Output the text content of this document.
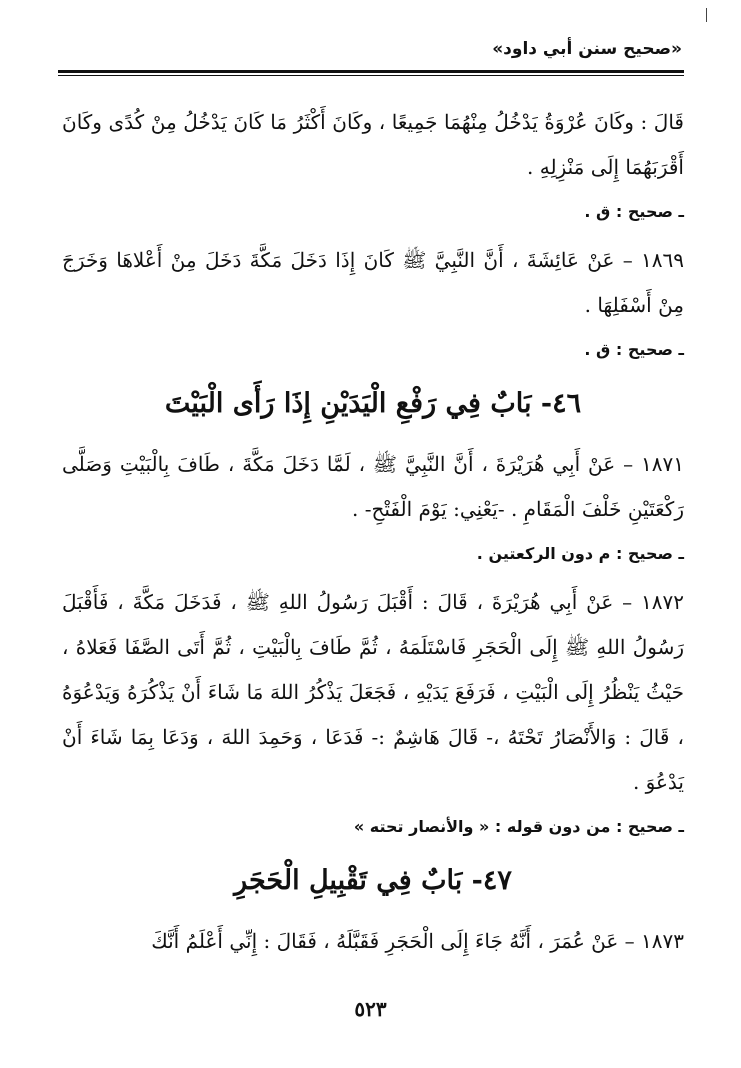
«صحيح سنن أبي داود»

قَالَ : وكَانَ عُرْوَةُ يَدْخُلُ مِنْهُمَا جَمِيعًا ، وكَانَ أَكْثَرُ مَا كَانَ يَدْخُلُ مِنْ كُدًى وكَانَ أَقْرَبَهُمَا إِلَى مَنْزِلِهِ .

ـ صحيح : ق .

١٨٦٩ – عَنْ عَائِشَةَ ، أَنَّ النَّبِيَّ ﷺ كَانَ إِذَا دَخَلَ مَكَّةَ دَخَلَ مِنْ أَعْلاهَا وَخَرَجَ مِنْ أَسْفَلِهَا .

ـ صحيح : ق .

٤٦- بَابٌ فِي رَفْعِ الْيَدَيْنِ إِذَا رَأَى الْبَيْتَ

١٨٧١ – عَنْ أَبِي هُرَيْرَةَ ، أَنَّ النَّبِيَّ ﷺ ، لَمَّا دَخَلَ مَكَّةَ ، طَافَ بِالْبَيْتِ وَصَلَّى رَكْعَتَيْنِ خَلْفَ الْمَقَامِ . -يَعْنِي: يَوْمَ الْفَتْحِ- .

ـ صحيح : م دون الركعتين .

١٨٧٢ – عَنْ أَبِي هُرَيْرَةَ ، قَالَ : أَقْبَلَ رَسُولُ اللهِ ﷺ ، فَدَخَلَ مَكَّةَ ، فَأَقْبَلَ رَسُولُ اللهِ ﷺ إِلَى الْحَجَرِ فَاسْتَلَمَهُ ، ثُمَّ طَافَ بِالْبَيْتِ ، ثُمَّ أَتَى الصَّفَا فَعَلاهُ ، حَيْثُ يَنْظُرُ إِلَى الْبَيْتِ ، فَرَفَعَ يَدَيْهِ ، فَجَعَلَ يَذْكُرُ اللهَ مَا شَاءَ أَنْ يَذْكُرَهُ وَيَدْعُوَهُ ، قَالَ : وَالأَنْصَارُ تَحْتَهُ ،- قَالَ هَاشِمٌ :- فَدَعَا ، وَحَمِدَ اللهَ ، وَدَعَا بِمَا شَاءَ أَنْ يَدْعُوَ .

ـ صحيح : من دون قوله : « والأنصار تحته »

٤٧- بَابٌ فِي تَقْبِيلِ الْحَجَرِ

١٨٧٣ – عَنْ عُمَرَ ، أَنَّهُ جَاءَ إِلَى الْحَجَرِ فَقَبَّلَهُ ، فَقَالَ : إِنِّي أَعْلَمُ أَنَّكَ

٥٢٣
